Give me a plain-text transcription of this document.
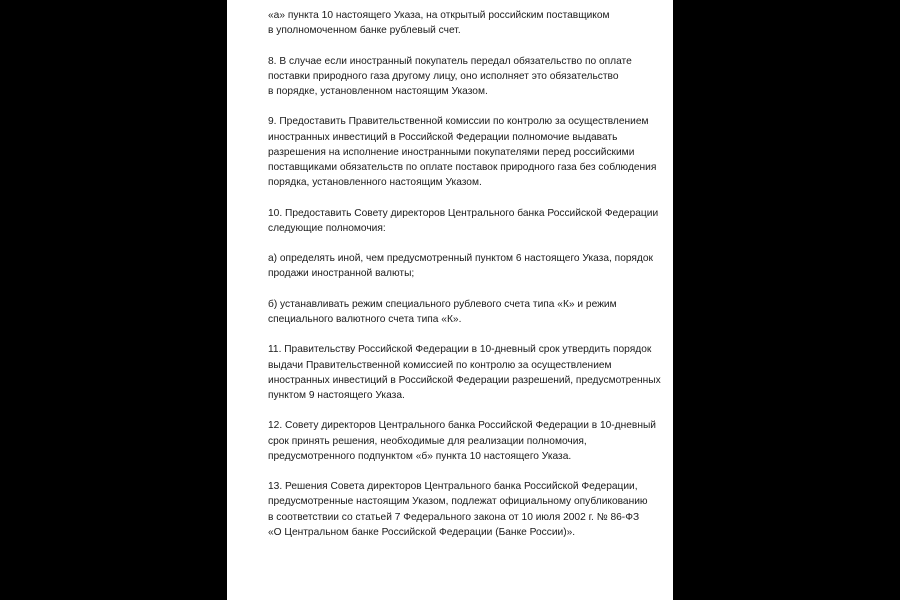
«а» пункта 10 настоящего Указа, на открытый российским поставщиком
в уполномоченном банке рублевый счет.

8. В случае если иностранный покупатель передал обязательство по оплате
поставки природного газа другому лицу, оно исполняет это обязательство
в порядке, установленном настоящим Указом.

9. Предоставить Правительственной комиссии по контролю за осуществлением
иностранных инвестиций в Российской Федерации полномочие выдавать
разрешения на исполнение иностранными покупателями перед российскими
поставщиками обязательств по оплате поставок природного газа без соблюдения
порядка, установленного настоящим Указом.

10. Предоставить Совету директоров Центрального банка Российской Федерации
следующие полномочия:

а) определять иной, чем предусмотренный пунктом 6 настоящего Указа, порядок
продажи иностранной валюты;

б) устанавливать режим специального рублевого счета типа «К» и режим
специального валютного счета типа «К».

11. Правительству Российской Федерации в 10-дневный срок утвердить порядок
выдачи Правительственной комиссией по контролю за осуществлением
иностранных инвестиций в Российской Федерации разрешений, предусмотренных
пунктом 9 настоящего Указа.

12. Совету директоров Центрального банка Российской Федерации в 10-дневный
срок принять решения, необходимые для реализации полномочия,
предусмотренного подпунктом «б» пункта 10 настоящего Указа.

13. Решения Совета директоров Центрального банка Российской Федерации,
предусмотренные настоящим Указом, подлежат официальному опубликованию
в соответствии со статьей 7 Федерального закона от 10 июля 2002 г. № 86-ФЗ
«О Центральном банке Российской Федерации (Банке России)».
